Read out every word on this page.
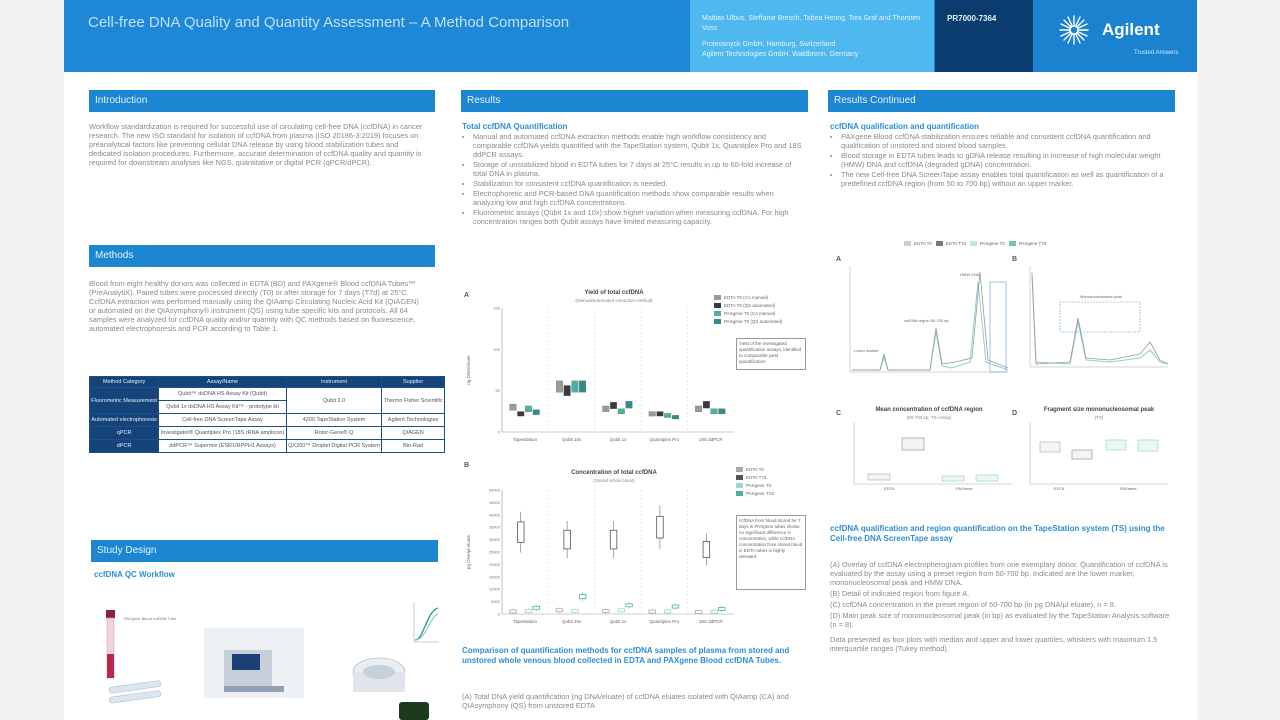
Cell-free DNA Quality and Quantity Assessment – A Method Comparison	Mattias Ulbus, Steffanie Bresch, Tabea Hering, Toni Graf and Thorsten Voss
Proteosnyck GmbH, Hamburg, Switzerland
Agilent Technologies GmbH, Waldbronn, Germany
PR7000-7364
Agilent
Trusted Answers
Introduction
Workflow standardization is required for successful use of circulating cell-free DNA (ccfDNA) in cancer research. The new ISO standard for isolation of ccfDNA from plasma (ISO 20186-3:2019) focuses on preanalytical factors like preventing cellular DNA release by using blood stabilization tubes and dedicated isolation procedures. Furthermore, accurate determination of ccfDNA quality and quantity is required for downstream analyses like NGS, quantitative or digital PCR (qPCR/dPCR).
Methods
Blood from eight healthy donors was collected in EDTA (BD) and PAXgene® Blood ccfDNA Tubes™ (PreAnalytiX). Paired tubes were processed directly (T0) or after storage for 7 days (T7d) at 25°C. CcfDNA extraction was performed manually using the QIAamp Circulating Nucleic Acid Kit (QIAGEN) or automated on the QIAsymphony® instrument (QS) using tube specific kits and protocols. All 64 samples were analyzed for ccfDNA quality and/or quantity with QC methods based on fluorescence, automated electrophoresis and PCR according to Table 1.
Method Category	Assay/Name	Instrument	Supplier
Fluorometric Measurement	Qubit™ dsDNA HS Assay Kit (Qubit)	Qubit 2.0	Thermo Fisher Scientific
	Qubit 1x dsDNA HS Assay Kit™ - prototype kit		
Automated electrophoresis	Cell-free DNA ScreenTape Assay	4200 TapeStation System	Agilent Technologies
qPCR	Investigator® Quantiplex Pro (18S rRNA amplicon)	Rotor-Gene® Q	QIAGEN
dPCR	ddPCR™ Supermix (ESR1/RPPH1 Assays)	QX200™ Droplet Digital PCR System	Bio-Rad
Study Design
ccfDNA QC Workflow
PAXgene Blood ccfDNA Tube
Results
Total ccfDNA Quantification
• Manual and automated ccfDNA extraction methods enable high workflow consistency and comparable ccfDNA yields quantified with the TapeStation system, Qubit 1x, Quantiplex Pro and 18S ddPCR assays.
• Storage of unstabilized blood in EDTA tubes for 7 days at 25°C results in up to 60-fold increase of total DNA in plasma.
• Stabilization for consistent ccfDNA quantification is needed.
• Electrophoretic and PCR-based DNA quantification methods show comparable results when analyzing low and high ccfDNA concentrations.
• Fluorometric assays (Qubit 1x and 10x) show higher variation when measuring ccfDNA. For high concentration ranges both Qubit assays have limited measuring capacity.
A	Yield of total ccfDNA
(Manual/automated extraction method)
ng DNA/eluate
150
100
50
0
TapeStation	Qubit 10x	Qubit 1x	Quantiplex Pro	18S ddPCR
EDTA T0 (CA manual)
EDTA T0 (QS automated)
PAXgene T0 (CA manual)
PAXgene T0 (QS automated)
Yield of the investigated quantification assays, identified to comparable yield quantification
B
Concentration of total ccfDNA
(Stored whole blood)
pg DNA/µl eluate
50000
45000
40000
35000
30000
25000
20000
15000
10000
5000
0
TapeStation	Qubit 10x	Qubit 1x	Quantiplex Pro	18S ddPCR
EDTA T0
EDTA T7d
PAXgene T0
PAXgene T7d
ccfDNA from blood stored for 7 days in PAXgene tubes shows no significant difference in concentration, while ccfDNA concentration from stored blood in EDTA tubes is highly elevated.
Comparison of quantification methods for ccfDNA samples of plasma from stored and unstored whole venous blood collected in EDTA and PAXgene Blood ccfDNA Tubes.
(A) Total DNA yield quantification (ng DNA/eluate) of ccfDNA eluates isolated with QIAamp (CA) and QIAsymphony (QS) from unstored EDTA
Results Continued
ccfDNA qualification and quantification
• PAXgene Blood ccfDNA stabilization ensures reliable and consistent ccfDNA quantification and qualification of unstored and stored blood samples.
• Blood storage in EDTA tubes leads to gDNA release resulting in increase of high molecular weight (HMW) DNA and ccfDNA (degraded gDNA) concentration.
• The new Cell-free DNA ScreenTape assay enables total quantification as well as quantification of a predefined ccfDNA region (from 50 to 700 bp) without an upper marker.
EDTA T0	EDTA T7d	PAXgene T0	PAXgene T7d
A
Lower marker
ccfDNA region 50-700 bp
HMW DNA
B
Mononucleosomal peak
C	Mean concentration of ccfDNA region
(50-700 bp, TS Assay)
EDTA	PAXgene
D	Fragment size mononucleosomal peak
(TS)
EDTA	PAXgene
ccfDNA qualification and region quantification on the TapeStation system (TS) using the Cell-free DNA ScreenTape assay
(A) Overlay of ccfDNA electropherogram profiles from one exemplary donor. Quantification of ccfDNA is evaluated by the assay using a preset region from 50-700 bp. Indicated are the lower marker, mononucleosomal peak and HMW DNA.
(B) Detail of indicated region from figure A.
(C) ccfDNA concentration in the preset region of 50-700 bp (in pg DNA/µl eluate), n = 8.
(D) Main peak size of mononucleosomal peak (in bp) as evaluated by the TapeStation Analysis software (n = 8).
Data presented as box plots with median and upper and lower quartiles, whiskers with maximum 1.5 interquartile ranges (Tukey method).
